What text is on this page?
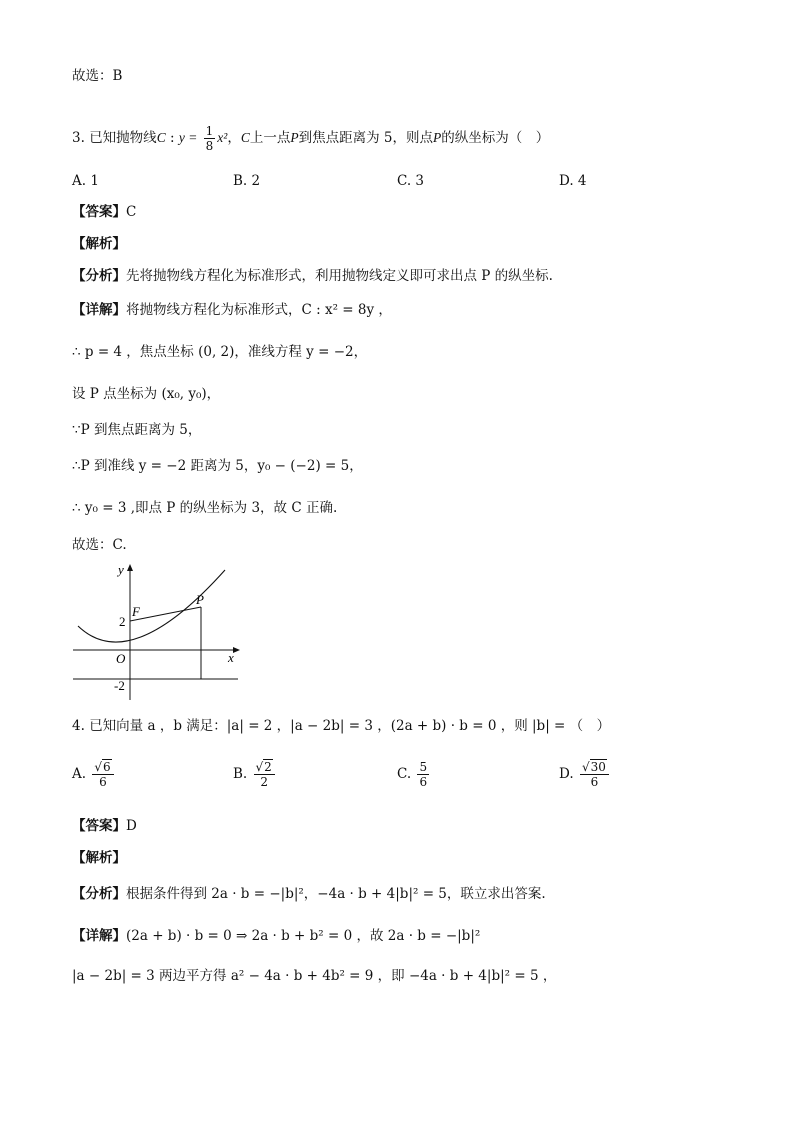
故选：B
3. 已知抛物线C : $y = \frac{1}{8} x^2$，C上一点P到焦点距离为 5，则点P的纵坐标为（　）
A. 1	B. 2	C. 3	D. 4
【答案】C
【解析】
【分析】先将抛物线方程化为标准形式，利用抛物线定义即可求出点 P 的纵坐标.
【详解】将抛物线方程化为标准形式，C : x² = 8y ，
∴ p = 4 ，焦点坐标 (0, 2)，准线方程 y = −2，
设 P 点坐标为 (x₀, y₀)，
∵P 到焦点距离为 5，
∴P 到准线 y = −2 距离为 5，y₀ − (−2) = 5，
∴ y₀ = 3 ,即点 P 的纵坐标为 3，故 C 正确.
故选：C.
y
x
O
F
P
2
-2
4. 已知向量 a ，b 满足：|a| = 2 ，|a − 2b| = 3 ，(2a + b) · b = 0 ，则 |b| = （　）
A. $\frac{√6}{6}$	B. $\frac{√2}{2}$	C. $\frac{5}{6}$	D. $\frac{√30}{6}$
【答案】D
【解析】
【分析】根据条件得到 2a · b = −|b|²，−4a · b + 4|b|² = 5，联立求出答案.
【详解】(2a + b) · b = 0 ⇒ 2a · b + b² = 0 ，故 2a · b = −|b|²
|a − 2b| = 3 两边平方得 a² − 4a · b + 4b² = 9 ，即 −4a · b + 4|b|² = 5 ，
